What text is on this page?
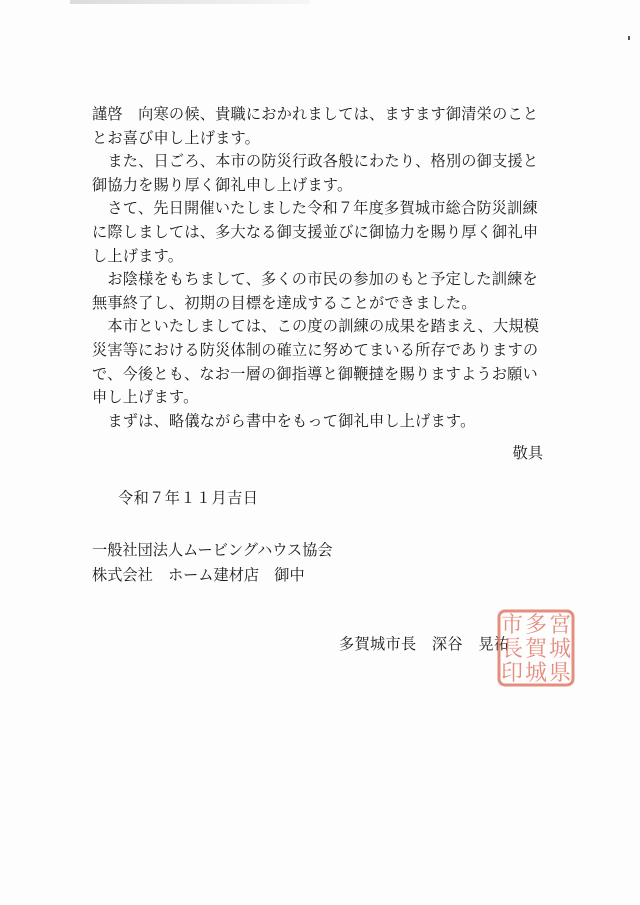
謹啓　向寒の候、貴職におかれましては、ますます御清栄のこととお喜び申し上げます。

　また、日ごろ、本市の防災行政各般にわたり、格別の御支援と御協力を賜り厚く御礼申し上げます。

　さて、先日開催いたしました令和７年度多賀城市総合防災訓練に際しましては、多大なる御支援並びに御協力を賜り厚く御礼申し上げます。

　お陰様をもちまして、多くの市民の参加のもと予定した訓練を無事終了し、初期の目標を達成することができました。

　本市といたしましては、この度の訓練の成果を踏まえ、大規模災害等における防災体制の確立に努めてまいる所存でありますので、今後とも、なお一層の御指導と御鞭撻を賜りますようお願い申し上げます。

　まずは、略儀ながら書中をもって御礼申し上げます。

敬具
令和７年１１月吉日
一般社団法人ムービングハウス協会
株式会社　ホーム建材店　御中
多賀城市長　深谷　晃祐
宮
城
県
多
賀
城
市
長
印
